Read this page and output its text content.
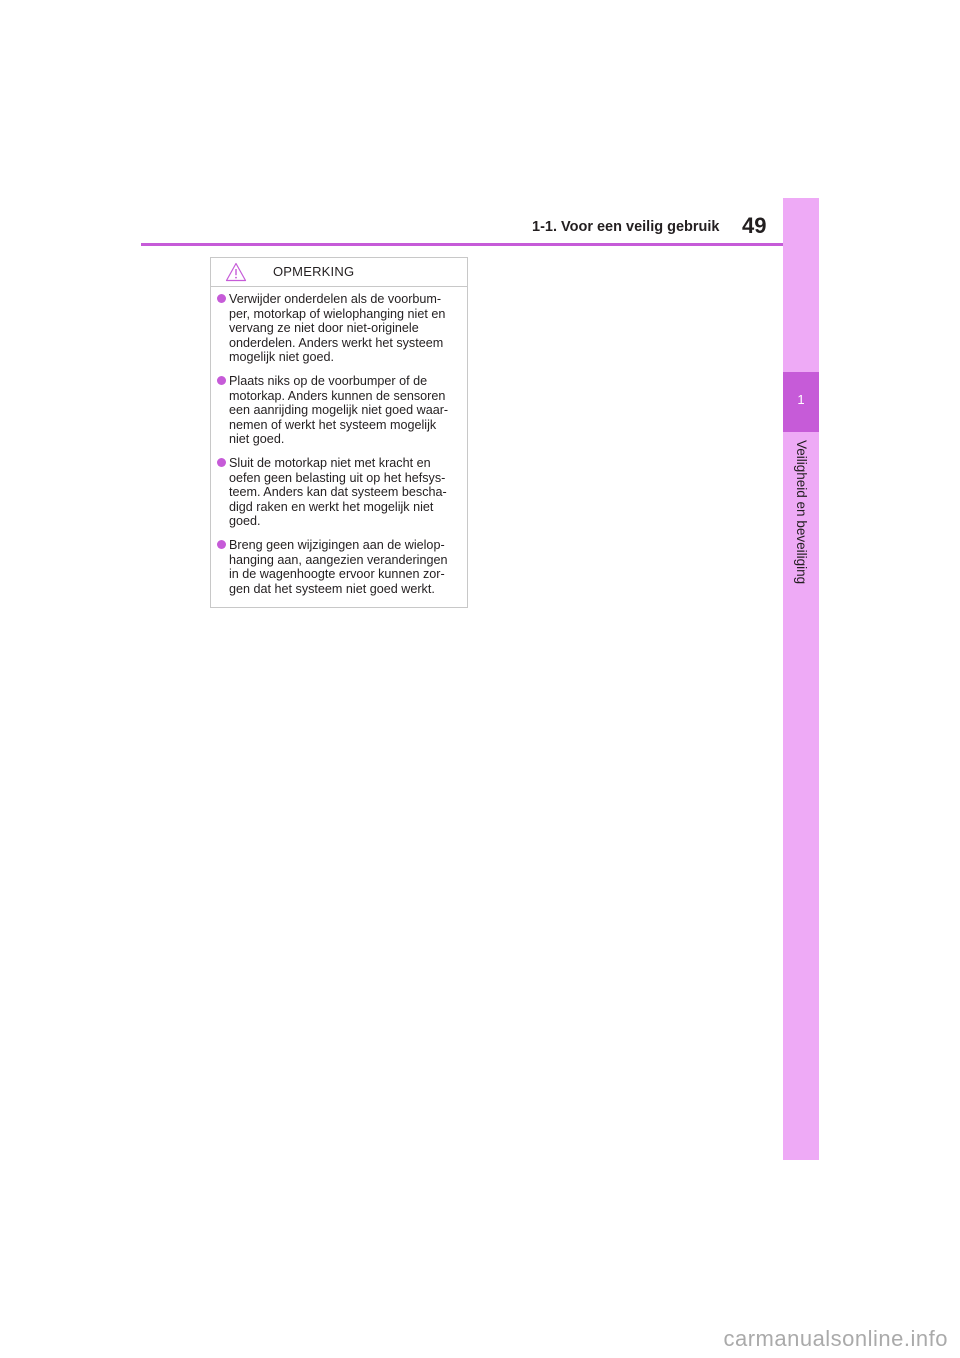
1
Veiligheid en beveiliging
1-1. Voor een veilig gebruik 49
OPMERKING
Verwijder onderdelen als de voorbum-
per, motorkap of wielophanging niet en
vervang ze niet door niet-originele
onderdelen. Anders werkt het systeem
mogelijk niet goed.
Plaats niks op de voorbumper of de
motorkap. Anders kunnen de sensoren
een aanrijding mogelijk niet goed waar-
nemen of werkt het systeem mogelijk
niet goed.
Sluit de motorkap niet met kracht en
oefen geen belasting uit op het hefsys-
teem. Anders kan dat systeem bescha-
digd raken en werkt het mogelijk niet
goed.
Breng geen wijzigingen aan de wielop-
hanging aan, aangezien veranderingen
in de wagenhoogte ervoor kunnen zor-
gen dat het systeem niet goed werkt.
carmanualsonline.info
